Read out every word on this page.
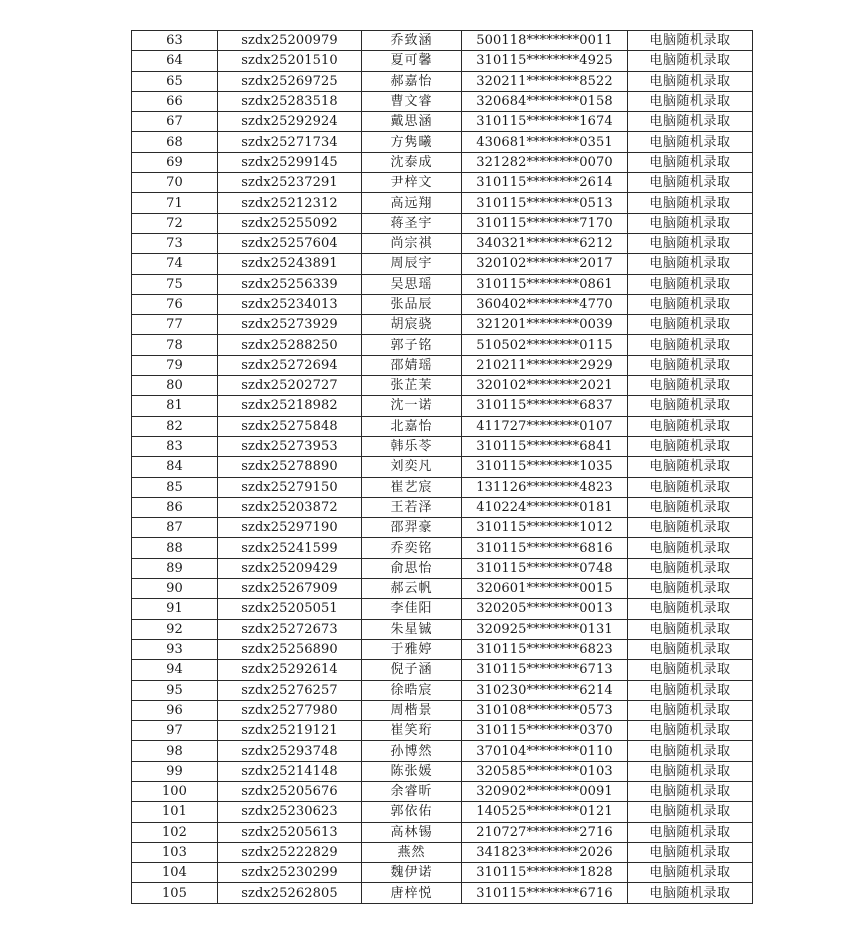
63	szdx25200979	乔致涵	500118********0011	电脑随机录取
64	szdx25201510	夏可馨	310115********4925	电脑随机录取
65	szdx25269725	郝嘉怡	320211********8522	电脑随机录取
66	szdx25283518	曹文睿	320684********0158	电脑随机录取
67	szdx25292924	戴思涵	310115********1674	电脑随机录取
68	szdx25271734	方隽曦	430681********0351	电脑随机录取
69	szdx25299145	沈泰成	321282********0070	电脑随机录取
70	szdx25237291	尹梓文	310115********2614	电脑随机录取
71	szdx25212312	高远翔	310115********0513	电脑随机录取
72	szdx25255092	蒋圣宇	310115********7170	电脑随机录取
73	szdx25257604	尚宗祺	340321********6212	电脑随机录取
74	szdx25243891	周辰宇	320102********2017	电脑随机录取
75	szdx25256339	吴思瑶	310115********0861	电脑随机录取
76	szdx25234013	张品辰	360402********4770	电脑随机录取
77	szdx25273929	胡宸骁	321201********0039	电脑随机录取
78	szdx25288250	郭子铭	510502********0115	电脑随机录取
79	szdx25272694	邵婧瑶	210211********2929	电脑随机录取
80	szdx25202727	张芷茉	320102********2021	电脑随机录取
81	szdx25218982	沈一诺	310115********6837	电脑随机录取
82	szdx25275848	北嘉怡	411727********0107	电脑随机录取
83	szdx25273953	韩乐苓	310115********6841	电脑随机录取
84	szdx25278890	刘奕凡	310115********1035	电脑随机录取
85	szdx25279150	崔艺宸	131126********4823	电脑随机录取
86	szdx25203872	王若泽	410224********0181	电脑随机录取
87	szdx25297190	邵羿豪	310115********1012	电脑随机录取
88	szdx25241599	乔奕铭	310115********6816	电脑随机录取
89	szdx25209429	俞思怡	310115********0748	电脑随机录取
90	szdx25267909	郝云帆	320601********0015	电脑随机录取
91	szdx25205051	李佳阳	320205********0013	电脑随机录取
92	szdx25272673	朱星铖	320925********0131	电脑随机录取
93	szdx25256890	于雅婷	310115********6823	电脑随机录取
94	szdx25292614	倪子涵	310115********6713	电脑随机录取
95	szdx25276257	徐晧宸	310230********6214	电脑随机录取
96	szdx25277980	周楷景	310108********0573	电脑随机录取
97	szdx25219121	崔笑珩	310115********0370	电脑随机录取
98	szdx25293748	孙博然	370104********0110	电脑随机录取
99	szdx25214148	陈张媛	320585********0103	电脑随机录取
100	szdx25205676	余睿昕	320902********0091	电脑随机录取
101	szdx25230623	郭依佑	140525********0121	电脑随机录取
102	szdx25205613	高林锡	210727********2716	电脑随机录取
103	szdx25222829	燕然	341823********2026	电脑随机录取
104	szdx25230299	魏伊诺	310115********1828	电脑随机录取
105	szdx25262805	唐梓悦	310115********6716	电脑随机录取
